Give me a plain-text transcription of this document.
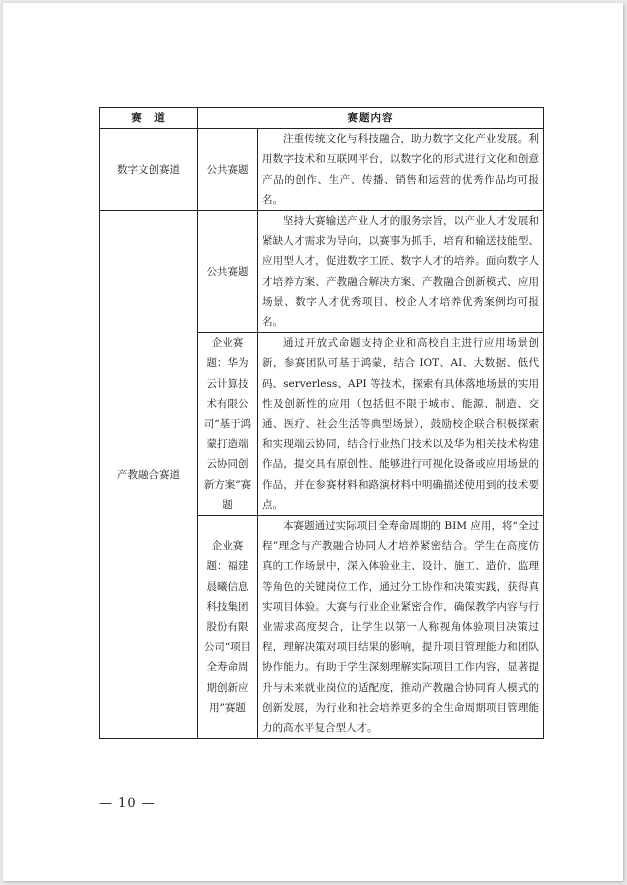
赛　道	赛题内容	
数字文创赛道	公共赛题	注重传统文化与科技融合，助力数字文化产业发展。利用数字技术和互联网平台，以数字化的形式进行文化和创意产品的创作、生产、传播、销售和运营的优秀作品均可报名。
产教融合赛道	公共赛题	坚持大赛输送产业人才的服务宗旨，以产业人才发展和紧缺人才需求为导向，以赛事为抓手，培育和输送技能型、应用型人才，促进数字工匠、数字人才的培养。面向数字人才培养方案、产教融合解决方案、产教融合创新模式、应用场景、数字人才优秀项目、校企人才培养优秀案例均可报名。
	企业赛题：华为云计算技术有限公司“基于鸿蒙打造端云协同创新方案”赛题	通过开放式命题支持企业和高校自主进行应用场景创新，参赛团队可基于鸿蒙，结合 IOT、AI、大数据、低代码、serverless、API 等技术，探索有具体落地场景的实用性及创新性的应用（包括但不限于城市、能源、制造、交通、医疗、社会生活等典型场景），鼓励校企联合积极探索和实现端云协同，结合行业热门技术以及华为相关技术构建作品，提交具有原创性、能够进行可视化设备或应用场景的作品，并在参赛材料和路演材料中明确描述使用到的技术要点。
	企业赛题：福建晨曦信息科技集团股份有限公司“项目全寿命周期创新应用”赛题	本赛题通过实际项目全寿命周期的 BIM 应用，将“全过程”理念与产教融合协同人才培养紧密结合。学生在高度仿真的工作场景中，深入体验业主、设计、施工、造价、监理等角色的关键岗位工作，通过分工协作和决策实践，获得真实项目体验。大赛与行业企业紧密合作，确保教学内容与行业需求高度契合，让学生以第一人称视角体验项目决策过程，理解决策对项目结果的影响，提升项目管理能力和团队协作能力。有助于学生深刻理解实际项目工作内容，显著提升与未来就业岗位的适配度，推动产教融合协同育人模式的创新发展，为行业和社会培养更多的全生命周期项目管理能力的高水平复合型人才。
— 10 —
